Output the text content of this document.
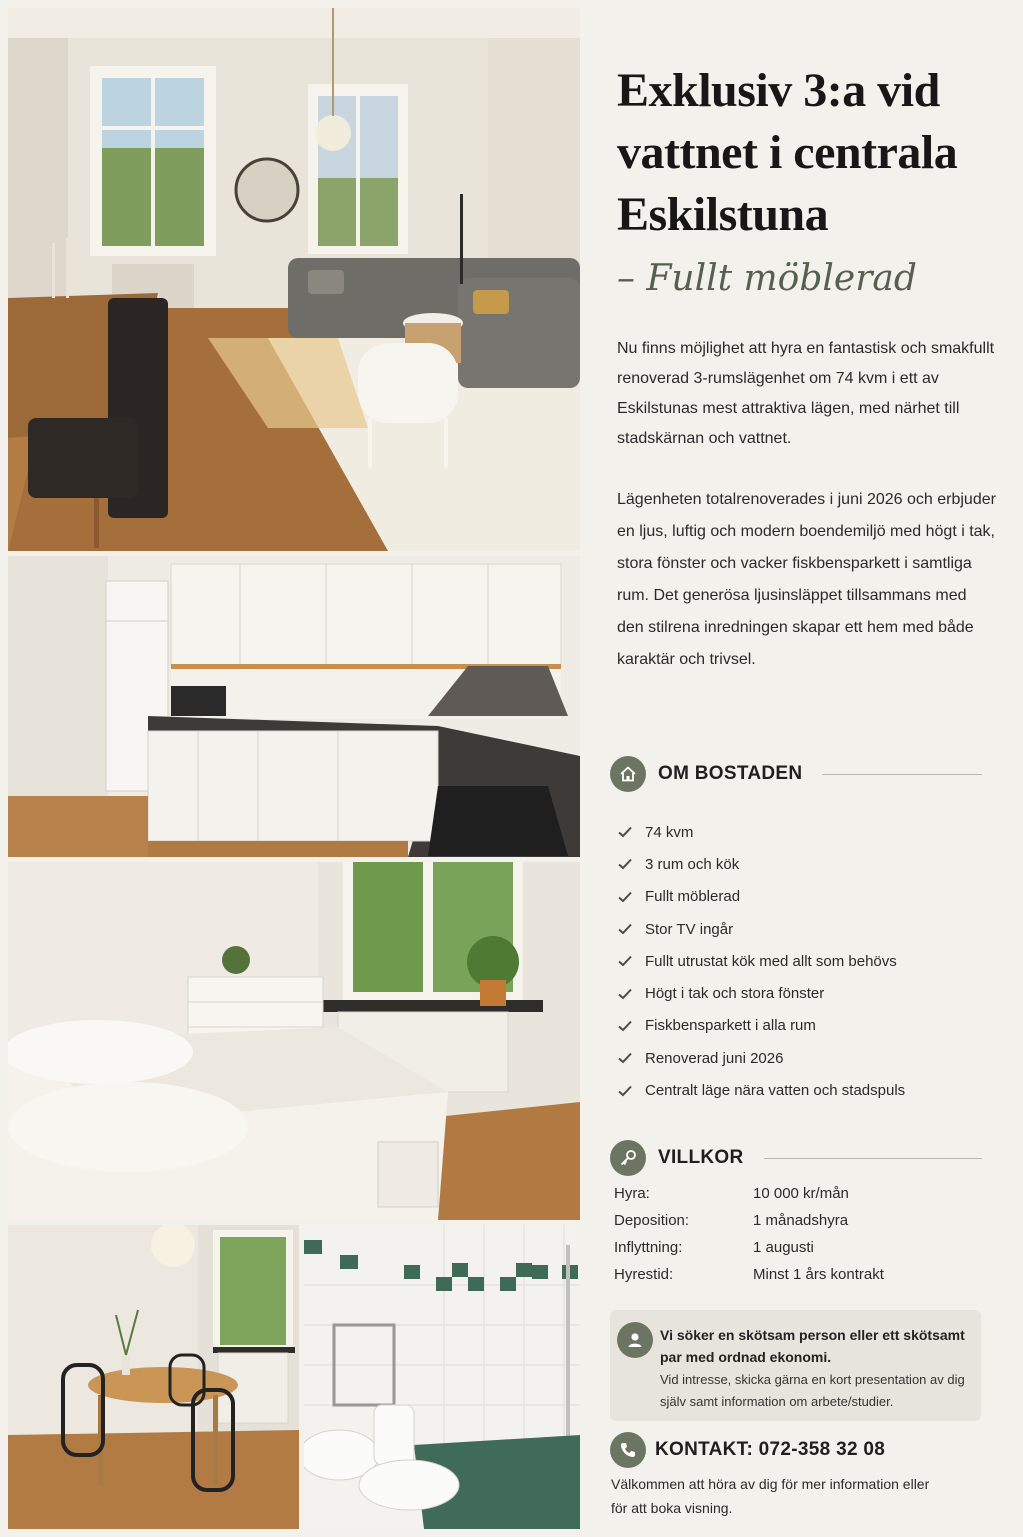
Exklusiv 3:a vid vattnet i centrala Eskilstuna
– Fullt möblerad

Nu finns möjlighet att hyra en fantastisk och smakfullt renoverad 3-rumslägenhet om 74 kvm i ett av Eskilstunas mest attraktiva lägen, med närhet till stadskärnan och vattnet.

Lägenheten totalrenoverades i juni 2026 och erbjuder en ljus, luftig och modern boendemiljö med högt i tak, stora fönster och vacker fiskbensparkett i samtliga rum. Det generösa ljusinsläppet tillsammans med den stilrena inredningen skapar ett hem med både karaktär och trivsel.

OM BOSTADEN
74 kvm
3 rum och kök
Fullt möblerad
Stor TV ingår
Fullt utrustat kök med allt som behövs
Högt i tak och stora fönster
Fiskbensparkett i alla rum
Renoverad juni 2026
Centralt läge nära vatten och stadspuls
VILLKOR
Hyra:	10 000 kr/mån
Deposition:	1 månadshyra
Inflyttning:	1 augusti
Hyrestid:	Minst 1 års kontrakt
Vi söker en skötsam person eller ett skötsamt par med ordnad ekonomi.
Vid intresse, skicka gärna en kort presentation av dig själv samt information om arbete/studier.
KONTAKT: 072-358 32 08
Välkommen att höra av dig för mer information eller för att boka visning.
